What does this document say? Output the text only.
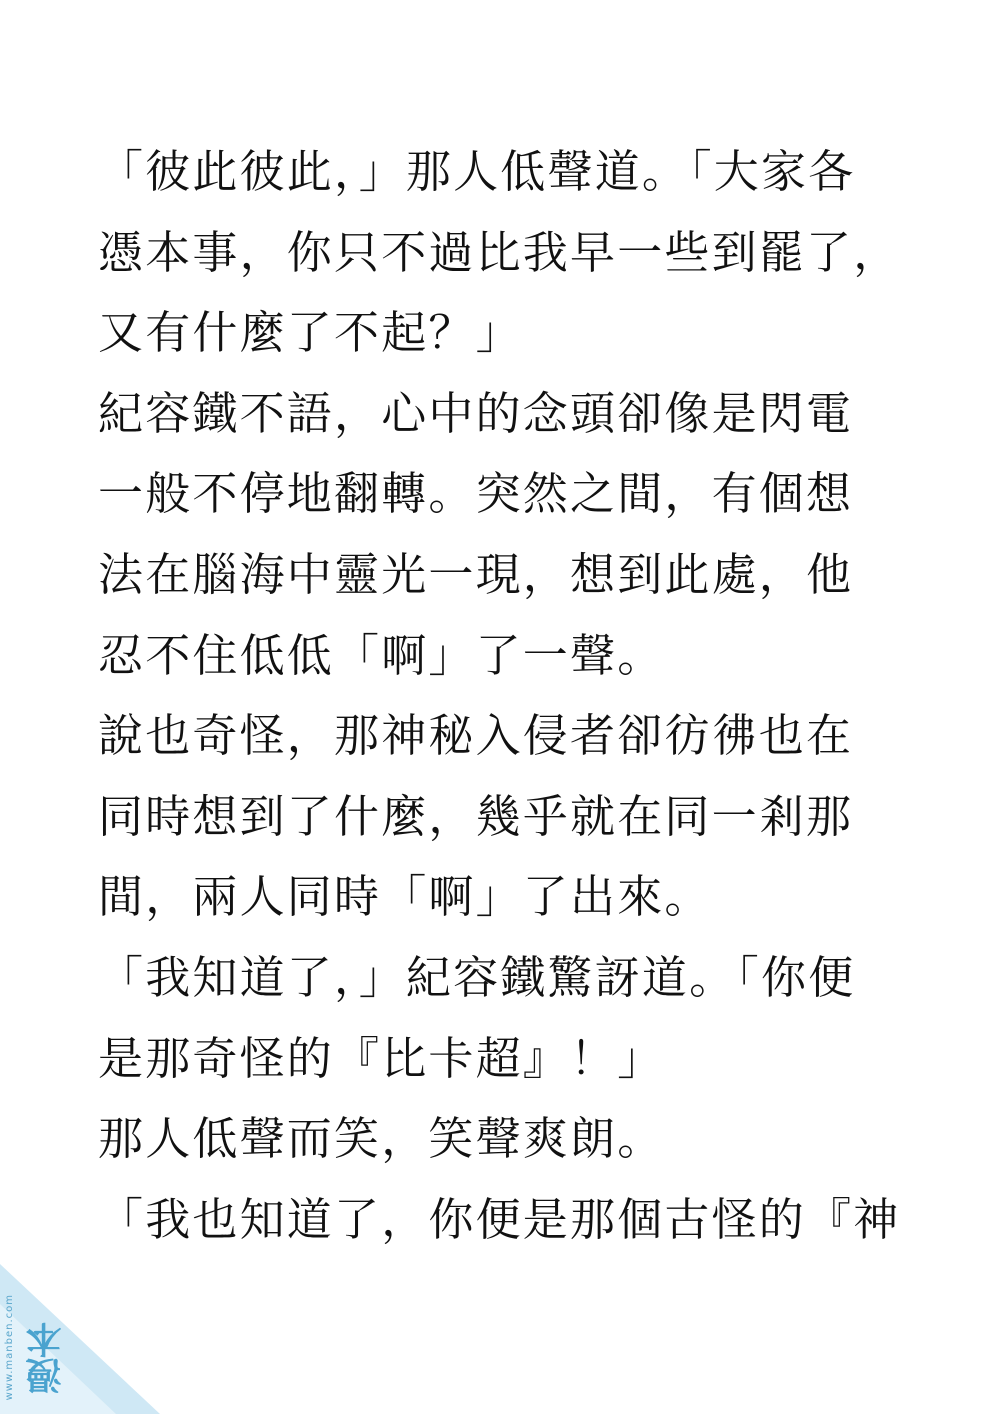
「彼此彼此，」那人低聲道。「大家各
憑本事，你只不過比我早一些到罷了，
又有什麼了不起？」
紀容鐵不語，心中的念頭卻像是閃電
一般不停地翻轉。突然之間，有個想
法在腦海中靈光一現，想到此處，他
忍不住低低「啊」了一聲。
說也奇怪，那神秘入侵者卻彷彿也在
同時想到了什麼，幾乎就在同一剎那
間，兩人同時「啊」了出來。
「我知道了，」紀容鐵驚訝道。「你便
是那奇怪的『比卡超』！」
那人低聲而笑，笑聲爽朗。
「我也知道了，你便是那個古怪的『神
www.manben.com 漫本
